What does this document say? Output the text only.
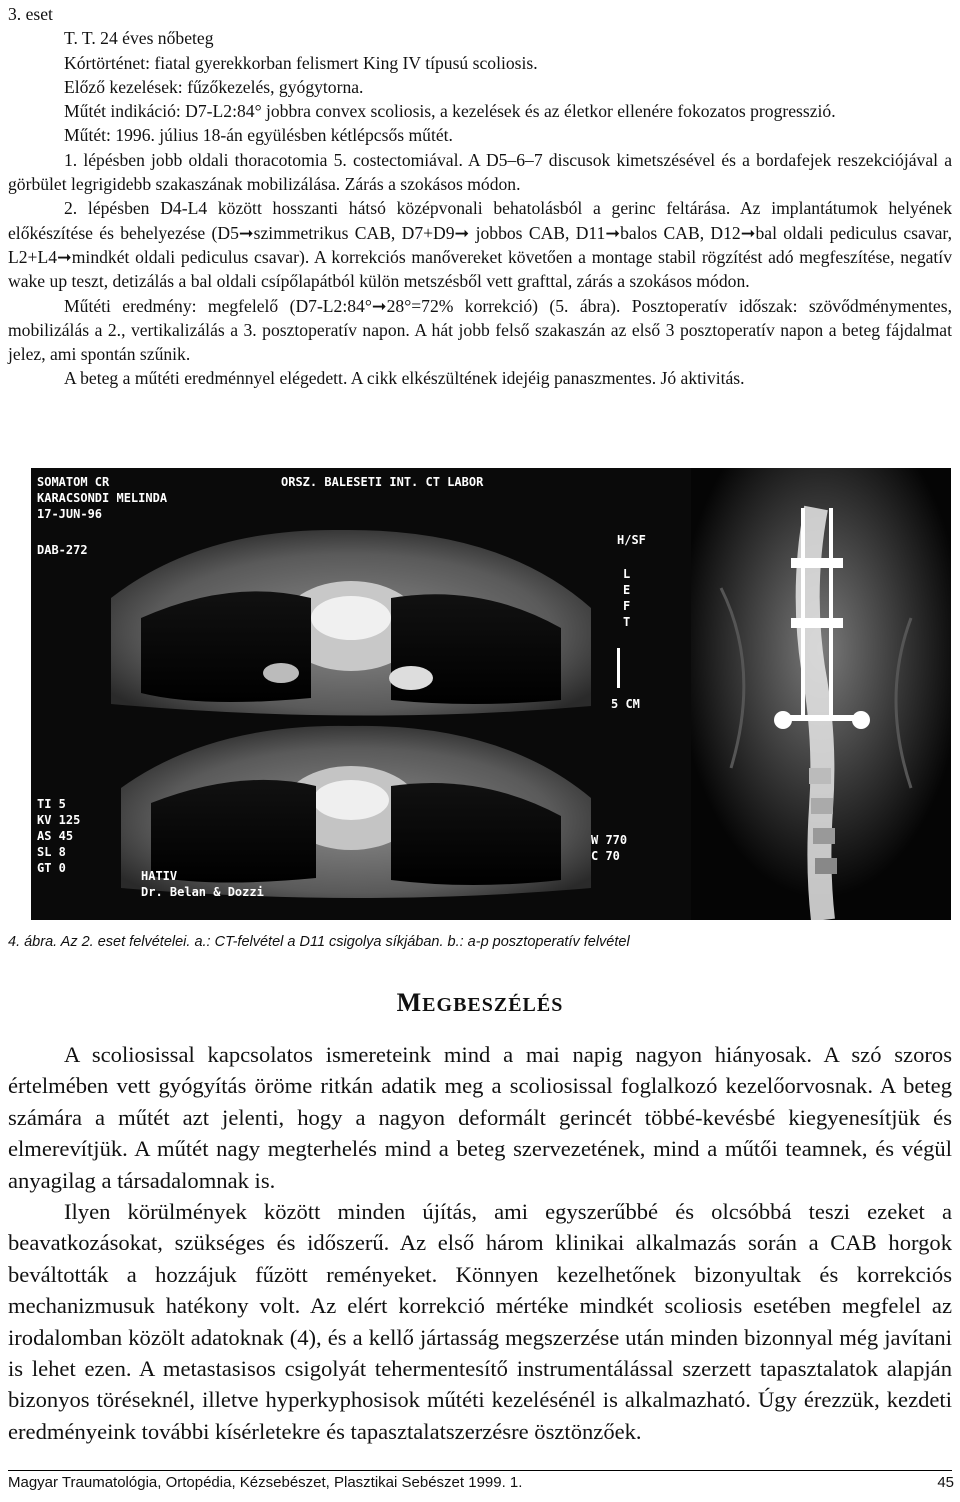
3. eset
T. T. 24 éves nőbeteg
Kórtörténet: fiatal gyerekkorban felismert King IV típusú scoliosis.
Előző kezelések: fűzőkezelés, gyógytorna.
Műtét indikáció: D7-L2:84° jobbra convex scoliosis, a kezelések és az életkor ellenére fokozatos progresszió.
Műtét: 1996. július 18-án együlésben kétlépcsős műtét.
1. lépésben jobb oldali thoracotomia 5. costectomiával. A D5–6–7 discusok kimetszésével és a bordafejek reszekciójával a görbület legrigidebb szakaszának mobilizálása. Zárás a szokásos módon.
2. lépésben D4-L4 között hosszanti hátsó középvonali behatolásból a gerinc feltárása. Az implantátumok helyének előkészítése és behelyezése (D5➞szimmetrikus CAB, D7+D9➞ jobbos CAB, D11➞balos CAB, D12➞bal oldali pediculus csavar, L2+L4➞mindkét oldali pediculus csavar). A korrekciós manővereket követően a montage stabil rögzítést adó megfeszítése, negatív wake up teszt, detizálás a bal oldali csípőlapátból külön metszésből vett grafttal, zárás a szokásos módon.
Műtéti eredmény: megfelelő (D7-L2:84°➞28°=72% korrekció) (5. ábra). Posztoperatív időszak: szövődménymentes, mobilizálás a 2., vertikalizálás a 3. posztoperatív napon. A hát jobb felső szakaszán az első 3 posztoperatív napon a beteg fájdalmat jelez, ami spontán szűnik.
A beteg a műtéti eredménnyel elégedett. A cikk elkészültének idejéig panaszmentes. Jó aktivitás.
SOMATOM CR
KARACSONDI MELINDA
17-JUN-96
ORSZ. BALESETI INT. CT LABOR
DAB-272
H/SF
L
E
F
T
5 CM
TI 5
KV 125
AS 45
SL 8
GT 0
W 770
C 70
HATIV
Dr. Belan & Dozzi
4. ábra. Az 2. eset felvételei. a.: CT-felvétel a D11 csigolya síkjában. b.: a-p posztoperatív felvétel
MEGBESZÉLÉS
A scoliosissal kapcsolatos ismereteink mind a mai napig nagyon hiányosak. A szó szoros értelmében vett gyógyítás öröme ritkán adatik meg a scoliosissal foglalkozó kezelőorvosnak. A beteg számára a műtét azt jelenti, hogy a nagyon deformált gerincét többé-kevésbé kiegyenesítjük és elmerevítjük. A műtét nagy megterhelés mind a beteg szervezetének, mind a műtői teamnek, és végül anyagilag a társadalomnak is.
Ilyen körülmények között minden újítás, ami egyszerűbbé és olcsóbbá teszi ezeket a beavatkozásokat, szükséges és időszerű. Az első három klinikai alkalmazás során a CAB horgok beváltották a hozzájuk fűzött reményeket. Könnyen kezelhetőnek bizonyultak és korrekciós mechanizmusuk hatékony volt. Az elért korrekció mértéke mindkét scoliosis esetében megfelel az irodalomban közölt adatoknak (4), és a kellő jártasság megszerzése után minden bizonnyal még javítani is lehet ezen. A metastasisos csigolyát tehermentesítő instrumentálással szerzett tapasztalatok alapján bizonyos töréseknél, illetve hyperkyphosisok műtéti kezelésénél is alkalmazható. Úgy érezzük, kezdeti eredményeink további kísérletekre és tapasztalatszerzésre ösztönzőek.
Magyar Traumatológia, Ortopédia, Kézsebészet, Plasztikai Sebészet 1999. 1.	45
